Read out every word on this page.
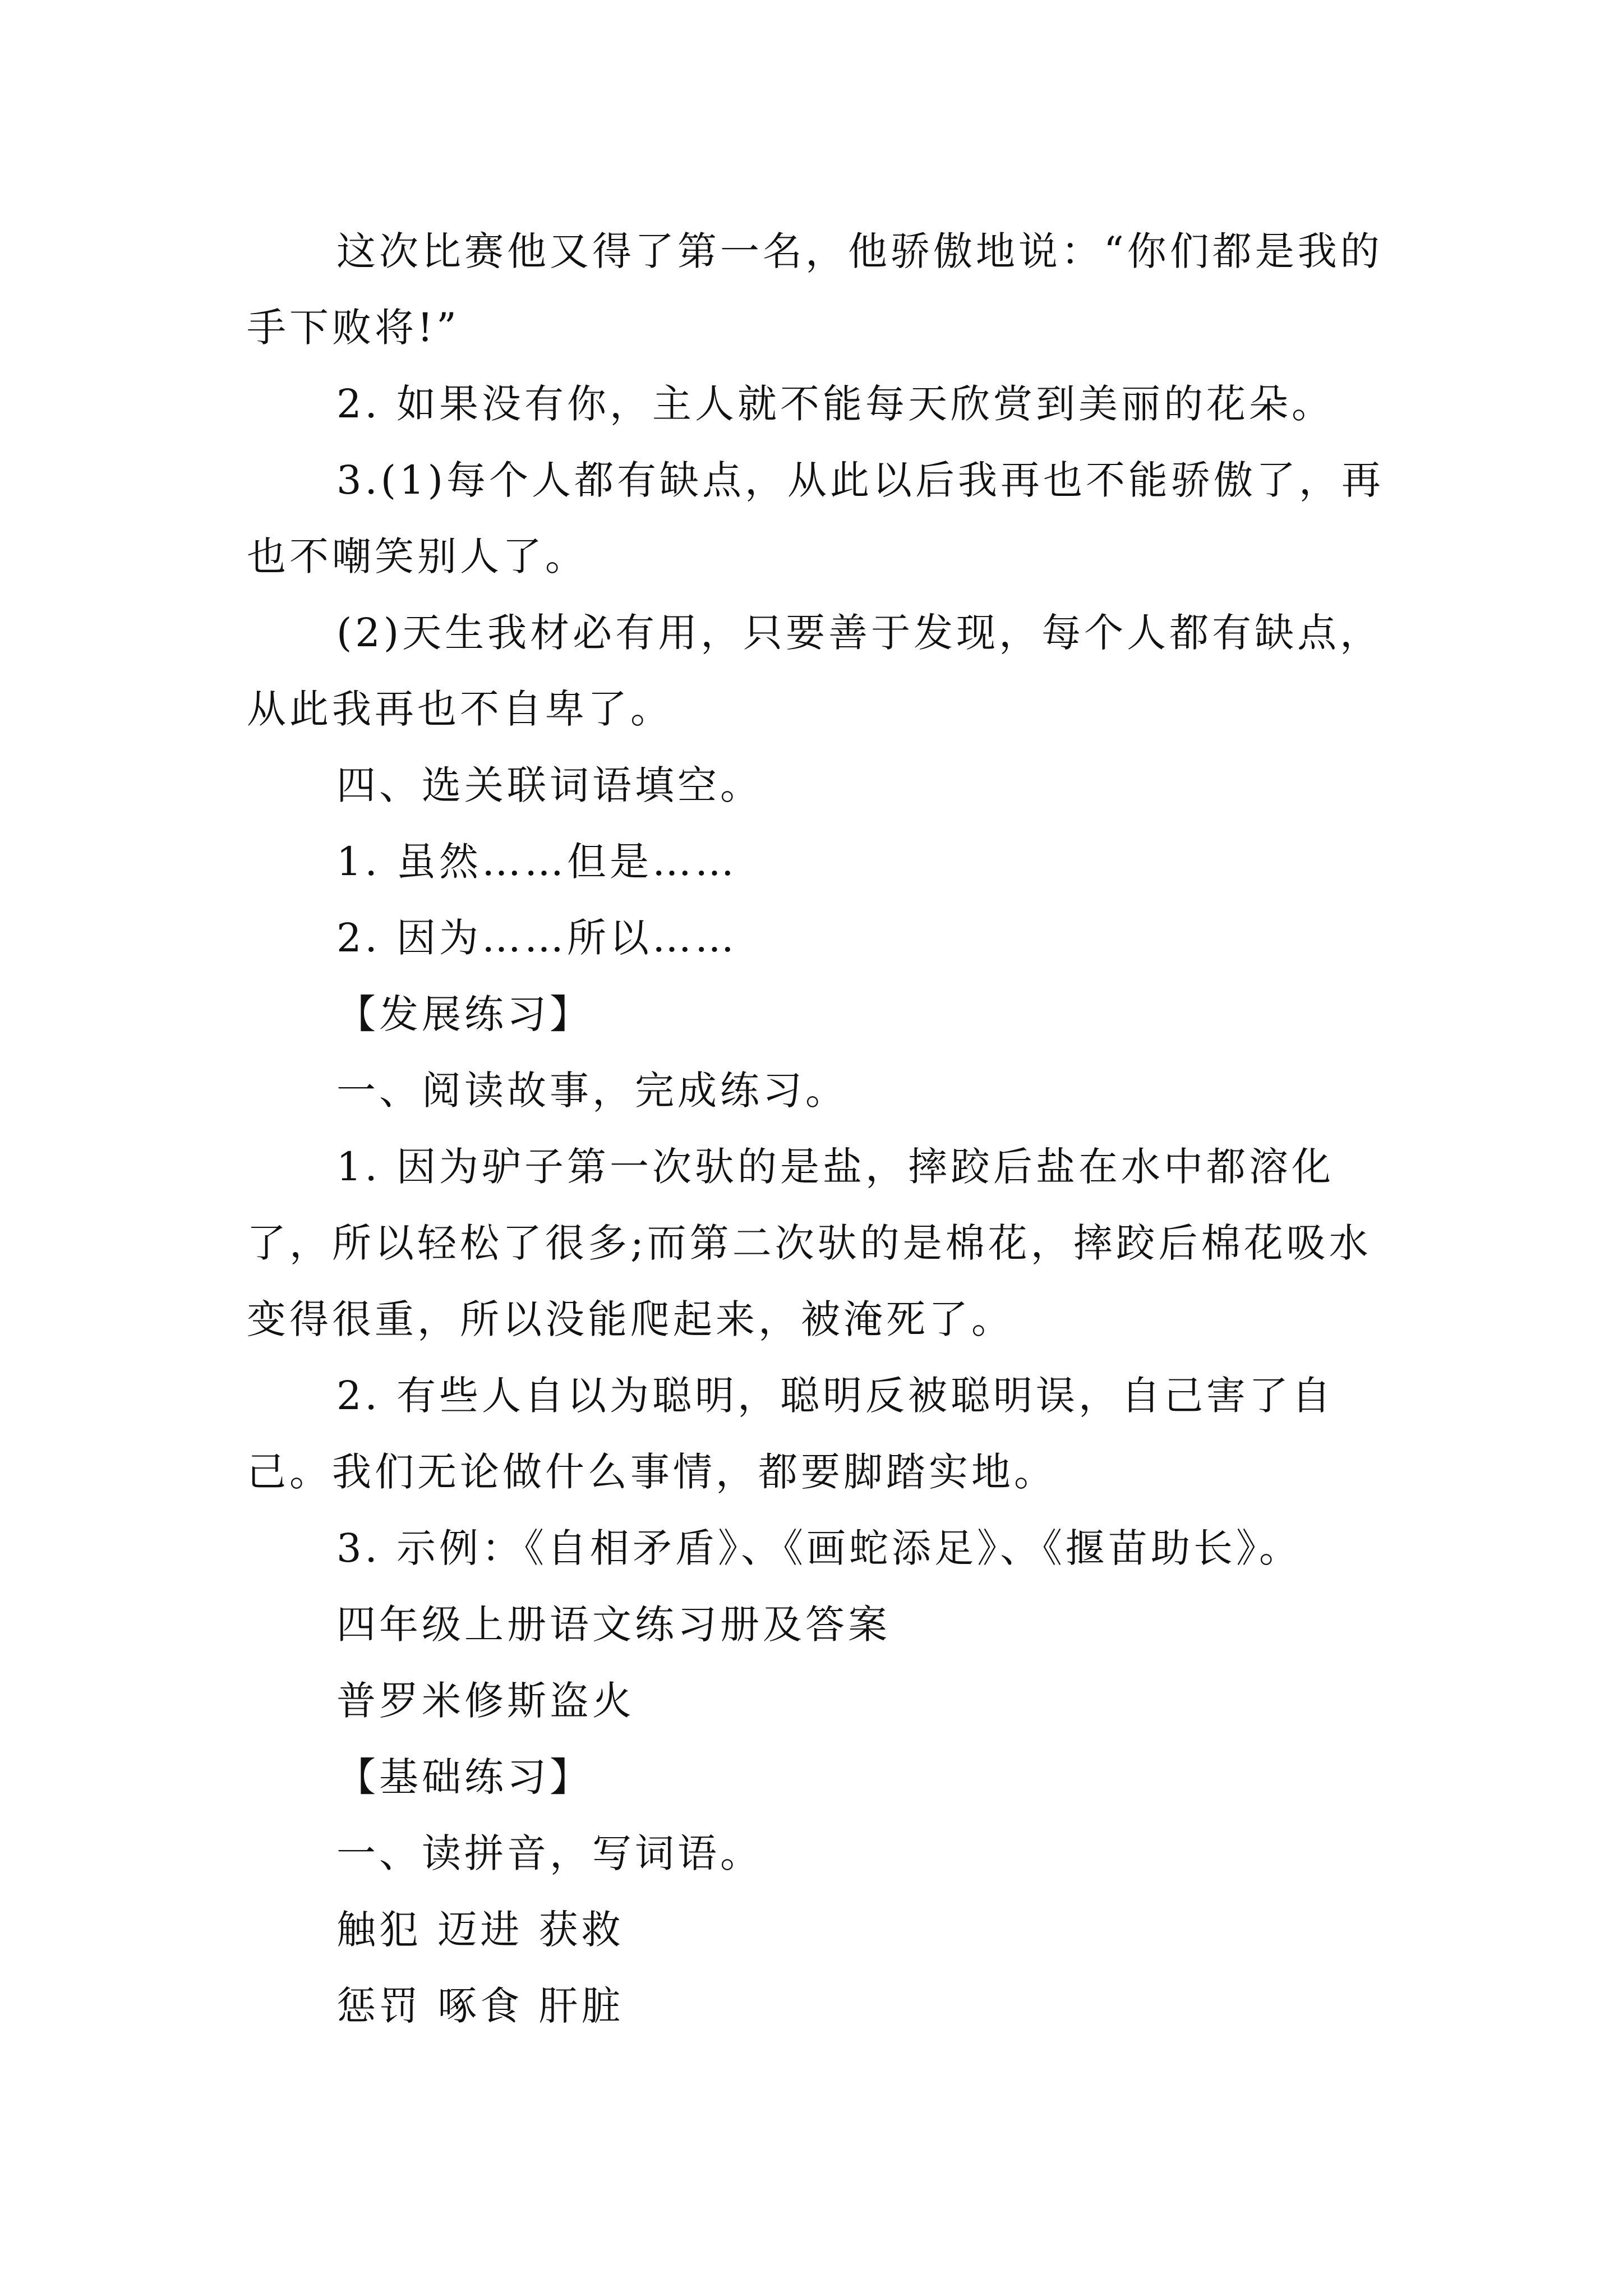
这次比赛他又得了第一名，他骄傲地说：“你们都是我的手下败将!”

2. 如果没有你，主人就不能每天欣赏到美丽的花朵。

3.(1)每个人都有缺点，从此以后我再也不能骄傲了，再也不嘲笑别人了。

(2)天生我材必有用，只要善于发现，每个人都有缺点，从此我再也不自卑了。

四、选关联词语填空。

1. 虽然……但是……

2. 因为……所以……

【发展练习】

一、阅读故事，完成练习。

1. 因为驴子第一次驮的是盐，摔跤后盐在水中都溶化了，所以轻松了很多;而第二次驮的是棉花，摔跤后棉花吸水变得很重，所以没能爬起来，被淹死了。

2. 有些人自以为聪明，聪明反被聪明误，自己害了自己。我们无论做什么事情，都要脚踏实地。

3. 示例：《自相矛盾》、《画蛇添足》、《揠苗助长》。

四年级上册语文练习册及答案

普罗米修斯盗火

【基础练习】

一、读拼音，写词语。

触犯 迈进 获救

惩罚 啄食 肝脏
